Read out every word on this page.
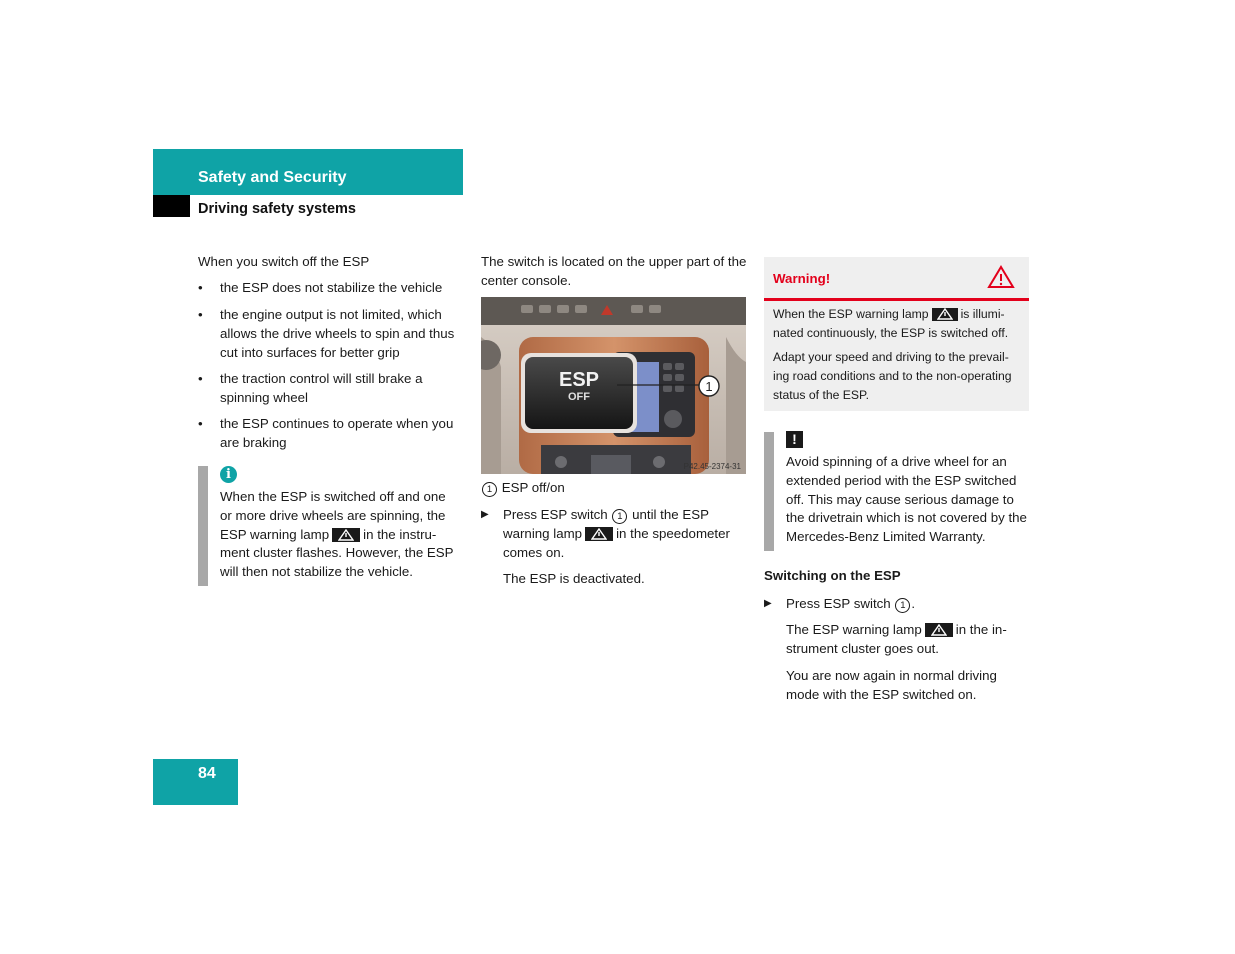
Safety and Security
Driving safety systems
When you switch off the ESP
• the ESP does not stabilize the vehicle
• the engine output is not limited, which allows the drive wheels to spin and thus cut into surfaces for better grip
• the traction control will still brake a spinning wheel
• the ESP continues to operate when you are braking
i
When the ESP is switched off and one
or more drive wheels are spinning, the
ESP warning lamp	in the instru-
ment cluster flashes. However, the ESP
will then not stabilize the vehicle.
The switch is located on the upper part of the center console.
ESP
OFF
1
P42.45-2374-31
1 ESP off/on
▶ Press ESP switch 1 until the ESP
warning lamp	in the speedometer
comes on.
The ESP is deactivated.
Warning!
When the ESP warning lamp	is illumi-
nated continuously, the ESP is switched off.
Adapt your speed and driving to the prevail-ing road conditions and to the non-operating status of the ESP.
!
Avoid spinning of a drive wheel for an extended period with the ESP switched off. This may cause serious damage to the drivetrain which is not covered by the Mercedes-Benz Limited Warranty.
Switching on the ESP
▶ Press ESP switch 1 .
The ESP warning lamp	in the in-
strument cluster goes out.
You are now again in normal driving mode with the ESP switched on.
84
